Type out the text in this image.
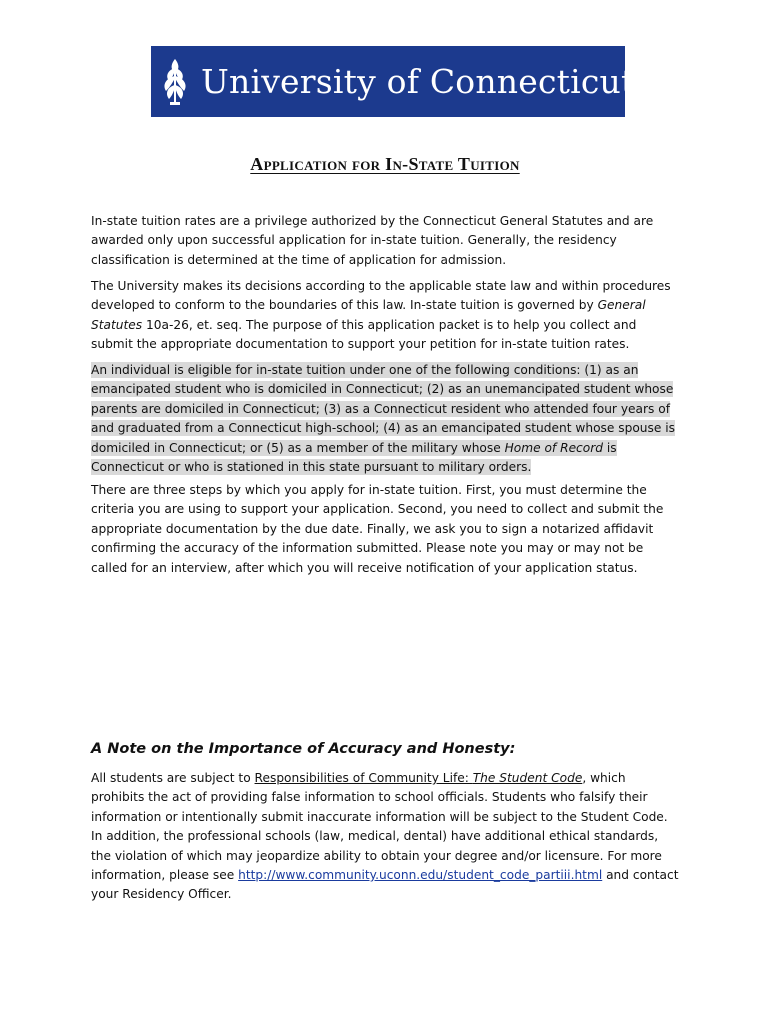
University of Connecticut
Application for In-State Tuition
In-state tuition rates are a privilege authorized by the Connecticut General Statutes and are awarded only upon successful application for in-state tuition. Generally, the residency classification is determined at the time of application for admission.
The University makes its decisions according to the applicable state law and within procedures developed to conform to the boundaries of this law. In-state tuition is governed by General Statutes 10a-26, et. seq. The purpose of this application packet is to help you collect and submit the appropriate documentation to support your petition for in-state tuition rates.
An individual is eligible for in-state tuition under one of the following conditions: (1) as an emancipated student who is domiciled in Connecticut; (2) as an unemancipated student whose parents are domiciled in Connecticut; (3) as a Connecticut resident who attended four years of and graduated from a Connecticut high-school; (4) as an emancipated student whose spouse is domiciled in Connecticut; or (5) as a member of the military whose Home of Record is Connecticut or who is stationed in this state pursuant to military orders.
There are three steps by which you apply for in-state tuition. First, you must determine the criteria you are using to support your application. Second, you need to collect and submit the appropriate documentation by the due date. Finally, we ask you to sign a notarized affidavit confirming the accuracy of the information submitted. Please note you may or may not be called for an interview, after which you will receive notification of your application status.
A Note on the Importance of Accuracy and Honesty:
All students are subject to Responsibilities of Community Life: The Student Code, which prohibits the act of providing false information to school officials. Students who falsify their information or intentionally submit inaccurate information will be subject to the Student Code. In addition, the professional schools (law, medical, dental) have additional ethical standards, the violation of which may jeopardize ability to obtain your degree and/or licensure. For more information, please see http://www.community.uconn.edu/student_code_partiii.html and contact your Residency Officer.
